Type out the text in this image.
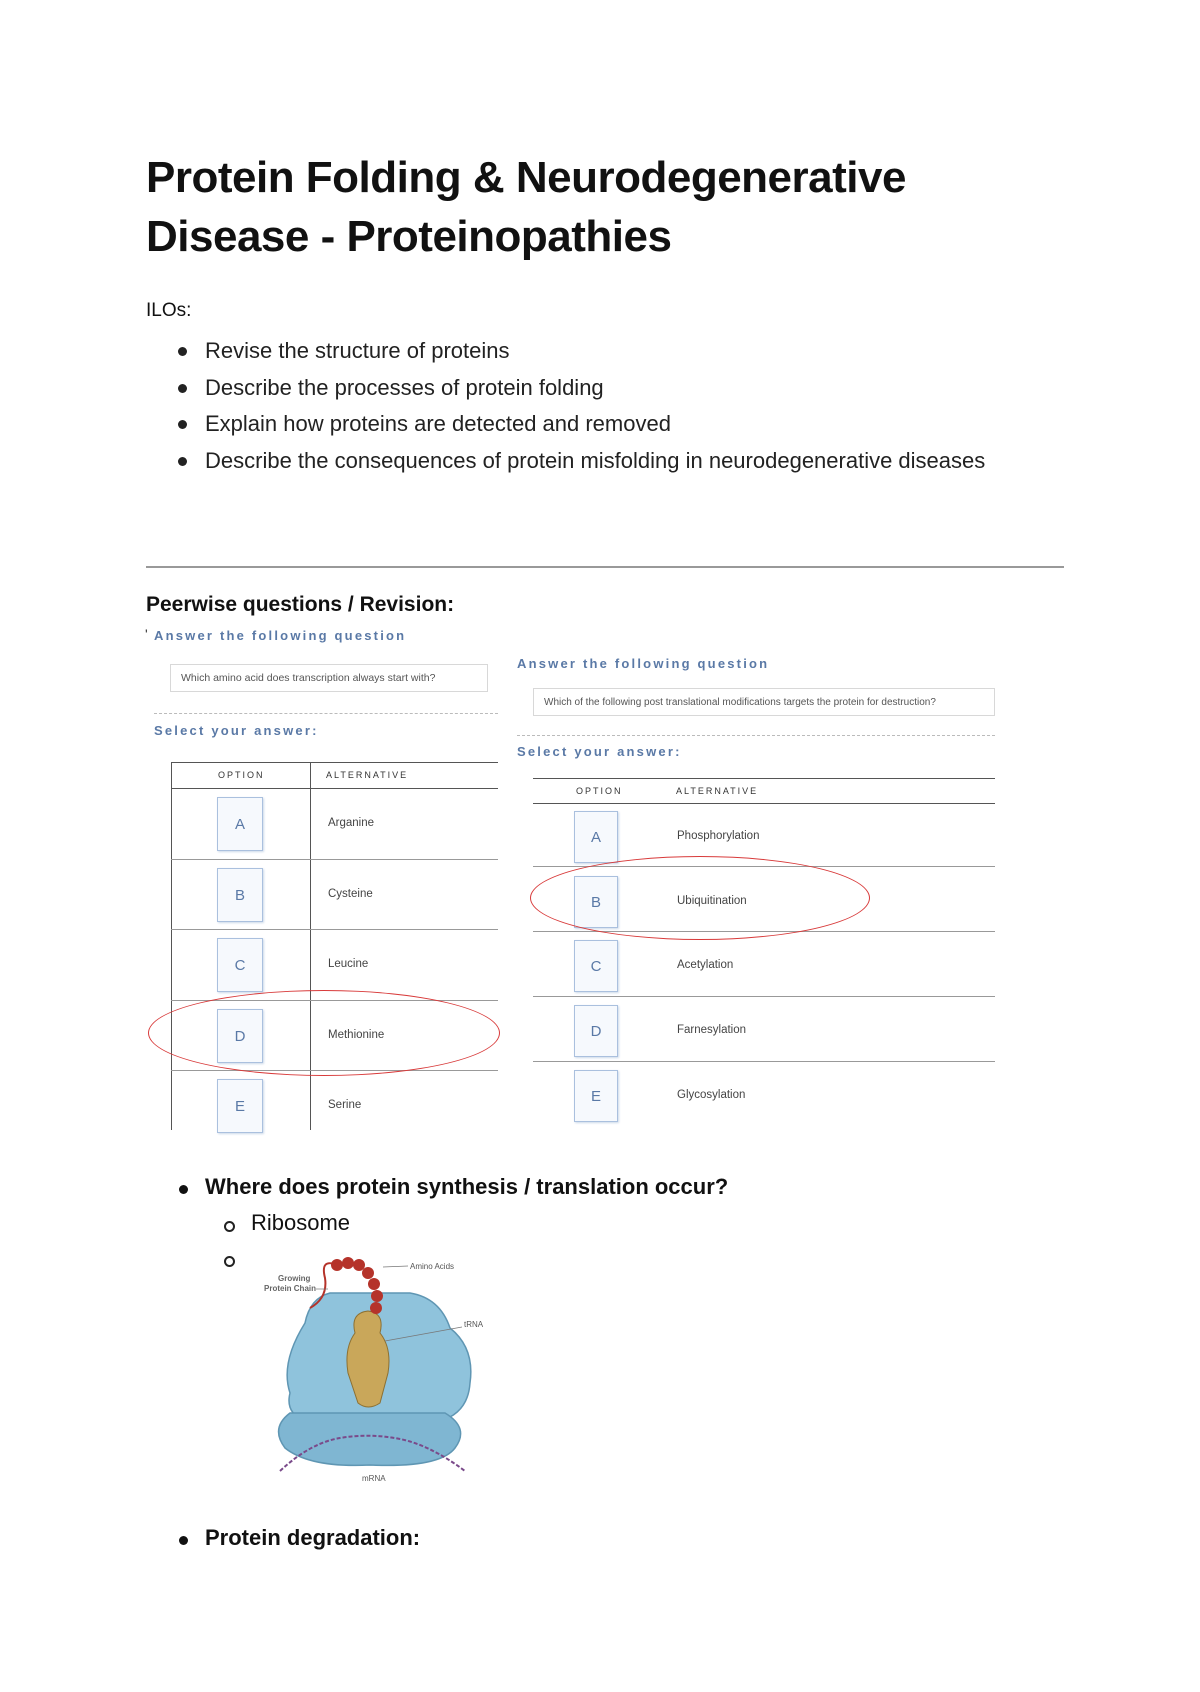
Protein Folding & Neurodegenerative
Disease - Proteinopathies
ILOs:
Revise the structure of proteins
Describe the processes of protein folding
Explain how proteins are detected and removed
Describe the consequences of protein misfolding in neurodegenerative diseases
Peerwise questions / Revision:
' Answer the following question
Which amino acid does transcription always start with?
Select your answer:
OPTION	ALTERNATIVE
A	Arganine
B	Cysteine
C	Leucine
D	Methionine
E	Serine
Answer the following question
Which of the following post translational modifications targets the protein for destruction?
Select your answer:
OPTION	ALTERNATIVE
A	Phosphorylation
B	Ubiquitination
C	Acetylation
D	Farnesylation
E	Glycosylation
Where does protein synthesis / translation occur?
Ribosome
Amino Acids
Growing
Protein Chain
tRNA
mRNA
Protein degradation:
